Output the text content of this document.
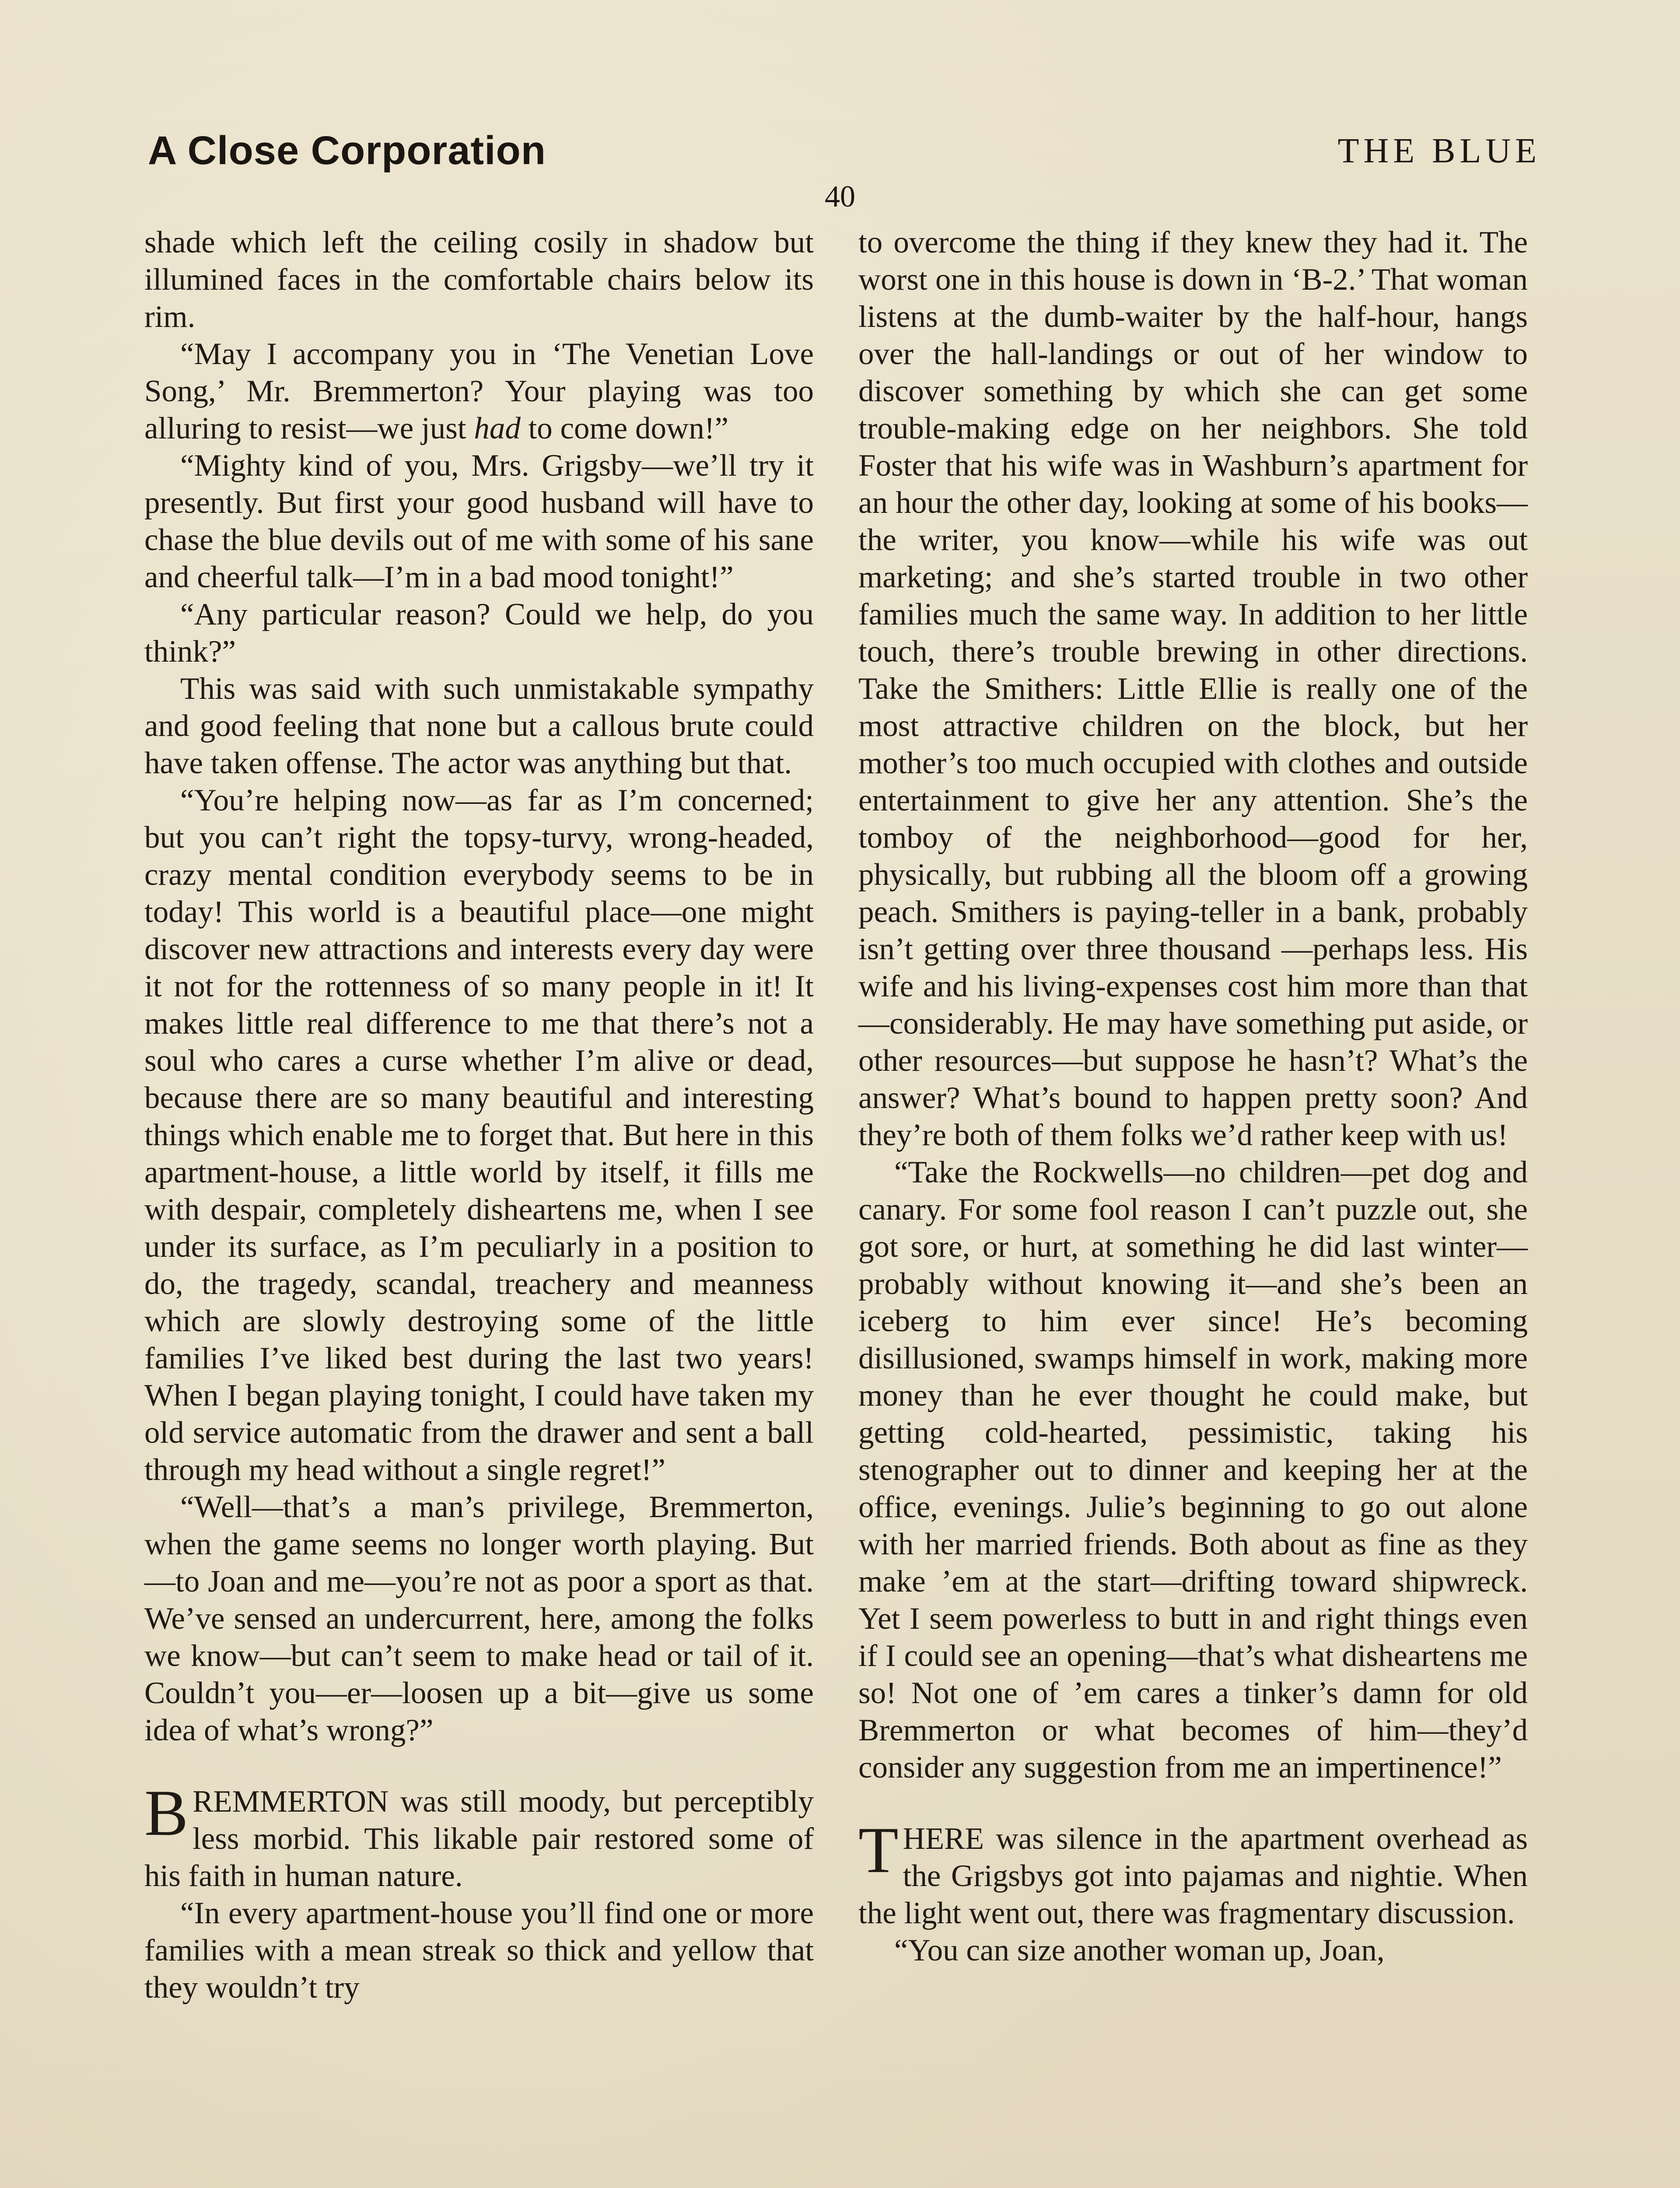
A Close Corporation	THE BLUE
40

shade which left the ceiling cosily in shadow but illumined faces in the comfortable chairs below its rim.

“May I accompany you in ‘The Venetian Love Song,’ Mr. Bremmerton? Your playing was too alluring to resist—we just had to come down!”

“Mighty kind of you, Mrs. Grigsby—we’ll try it presently. But first your good husband will have to chase the blue devils out of me with some of his sane and cheerful talk—I’m in a bad mood tonight!”

“Any particular reason? Could we help, do you think?”

This was said with such unmistakable sympathy and good feeling that none but a callous brute could have taken offense. The actor was anything but that.

“You’re helping now—as far as I’m concerned; but you can’t right the topsy-turvy, wrong-headed, crazy mental condition everybody seems to be in today! This world is a beautiful place—one might discover new attractions and interests every day were it not for the rottenness of so many people in it! It makes little real difference to me that there’s not a soul who cares a curse whether I’m alive or dead, because there are so many beautiful and interesting things which enable me to forget that. But here in this apartment-house, a little world by itself, it fills me with despair, completely disheartens me, when I see under its surface, as I’m peculiarly in a position to do, the tragedy, scandal, treachery and meanness which are slowly destroying some of the little families I’ve liked best during the last two years! When I began playing tonight, I could have taken my old service automatic from the drawer and sent a ball through my head without a single regret!”

“Well—that’s a man’s privilege, Bremmerton, when the game seems no longer worth playing. But—to Joan and me—you’re not as poor a sport as that. We’ve sensed an undercurrent, here, among the folks we know—but can’t seem to make head or tail of it. Couldn’t you—er—loosen up a bit—give us some idea of what’s wrong?”

BREMMERTON was still moody, but perceptibly less morbid. This likable pair restored some of his faith in human nature.

“In every apartment-house you’ll find one or more families with a mean streak so thick and yellow that they wouldn’t try

to overcome the thing if they knew they had it. The worst one in this house is down in ‘B-2.’ That woman listens at the dumb-waiter by the half-hour, hangs over the hall-landings or out of her window to discover something by which she can get some trouble-making edge on her neighbors. She told Foster that his wife was in Washburn’s apartment for an hour the other day, looking at some of his books—the writer, you know—while his wife was out marketing; and she’s started trouble in two other families much the same way. In addition to her little touch, there’s trouble brewing in other directions. Take the Smithers: Little Ellie is really one of the most attractive children on the block, but her mother’s too much occupied with clothes and outside entertainment to give her any attention. She’s the tomboy of the neighborhood—good for her, physically, but rubbing all the bloom off a growing peach. Smithers is paying-teller in a bank, probably isn’t getting over three thousand —perhaps less. His wife and his living-expenses cost him more than that—considerably. He may have something put aside, or other resources—but suppose he hasn’t? What’s the answer? What’s bound to happen pretty soon? And they’re both of them folks we’d rather keep with us!

“Take the Rockwells—no children—pet dog and canary. For some fool reason I can’t puzzle out, she got sore, or hurt, at something he did last winter—probably without knowing it—and she’s been an iceberg to him ever since! He’s becoming disillusioned, swamps himself in work, making more money than he ever thought he could make, but getting cold-hearted, pessimistic, taking his stenographer out to dinner and keeping her at the office, evenings. Julie’s beginning to go out alone with her married friends. Both about as fine as they make ’em at the start—drifting toward shipwreck. Yet I seem powerless to butt in and right things even if I could see an opening—that’s what disheartens me so! Not one of ’em cares a tinker’s damn for old Bremmerton or what becomes of him—they’d consider any suggestion from me an impertinence!”

THERE was silence in the apartment overhead as the Grigsbys got into pajamas and nightie. When the light went out, there was fragmentary discussion.

“You can size another woman up, Joan,
